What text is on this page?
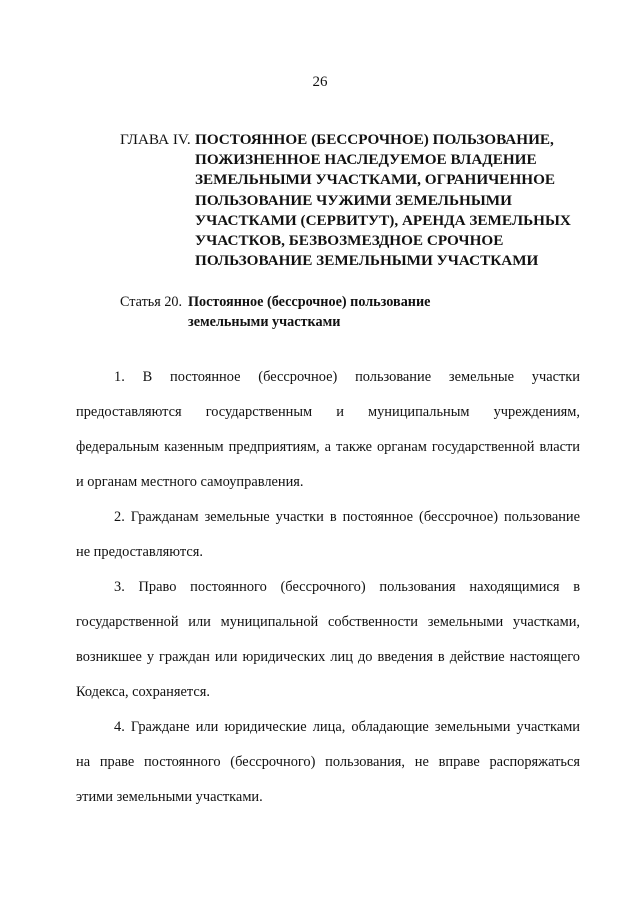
26
ГЛАВА IV. ПОСТОЯННОЕ (БЕССРОЧНОЕ) ПОЛЬЗОВАНИЕ,
ПОЖИЗНЕННОЕ НАСЛЕДУЕМОЕ ВЛАДЕНИЕ
ЗЕМЕЛЬНЫМИ УЧАСТКАМИ, ОГРАНИЧЕННОЕ
ПОЛЬЗОВАНИЕ ЧУЖИМИ ЗЕМЕЛЬНЫМИ
УЧАСТКАМИ (СЕРВИТУТ), АРЕНДА ЗЕМЕЛЬНЫХ
УЧАСТКОВ, БЕЗВОЗМЕЗДНОЕ СРОЧНОЕ
ПОЛЬЗОВАНИЕ ЗЕМЕЛЬНЫМИ УЧАСТКАМИ
Статья 20. Постоянное (бессрочное) пользование
земельными участками
1. В постоянное (бессрочное) пользование земельные участки
предоставляются государственным и муниципальным учреждениям,
федеральным казенным предприятиям, а также органам государственной власти
и органам местного самоуправления.
2. Гражданам земельные участки в постоянное (бессрочное) пользование
не предоставляются.
3. Право постоянного (бессрочного) пользования находящимися в
государственной или муниципальной собственности земельными участками,
возникшее у граждан или юридических лиц до введения в действие настоящего
Кодекса, сохраняется.
4. Граждане или юридические лица, обладающие земельными участками
на праве постоянного (бессрочного) пользования, не вправе распоряжаться
этими земельными участками.
